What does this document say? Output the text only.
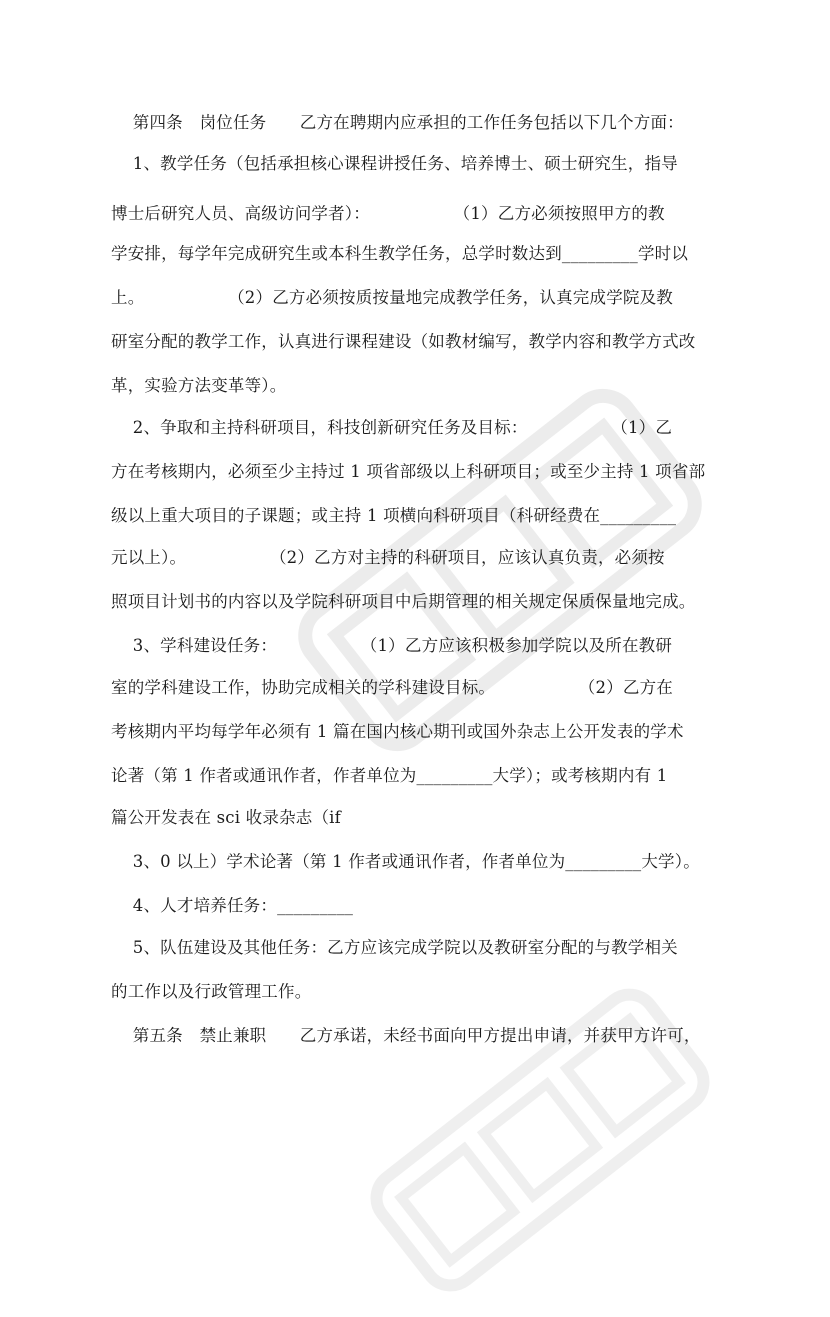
第四条　岗位任务　　乙方在聘期内应承担的工作任务包括以下几个方面：
1、教学任务（包括承担核心课程讲授任务、培养博士、硕士研究生，指导
博士后研究人员、高级访问学者）：　　　　　　（1）乙方必须按照甲方的教
学安排，每学年完成研究生或本科生教学任务，总学时数达到_________学时以
上。　　　　　　（2）乙方必须按质按量地完成教学任务，认真完成学院及教
研室分配的教学工作，认真进行课程建设（如教材编写，教学内容和教学方式改
革，实验方法变革等）。
2、争取和主持科研项目，科技创新研究任务及目标：　　　　　　（1）乙
方在考核期内，必须至少主持过 1 项省部级以上科研项目；或至少主持 1 项省部
级以上重大项目的子课题；或主持 1 项横向科研项目（科研经费在_________
元以上）。　　　　　　（2）乙方对主持的科研项目，应该认真负责，必须按
照项目计划书的内容以及学院科研项目中后期管理的相关规定保质保量地完成。
3、学科建设任务：　　　　　　（1）乙方应该积极参加学院以及所在教研
室的学科建设工作，协助完成相关的学科建设目标。　　　　　　（2）乙方在
考核期内平均每学年必须有 1 篇在国内核心期刊或国外杂志上公开发表的学术
论著（第 1 作者或通讯作者，作者单位为_________大学）；或考核期内有 1
篇公开发表在 sci 收录杂志（if
3、0 以上）学术论著（第 1 作者或通讯作者，作者单位为_________大学）。
4、人才培养任务：_________
5、队伍建设及其他任务：乙方应该完成学院以及教研室分配的与教学相关
的工作以及行政管理工作。
第五条　禁止兼职　　乙方承诺，未经书面向甲方提出申请，并获甲方许可，
